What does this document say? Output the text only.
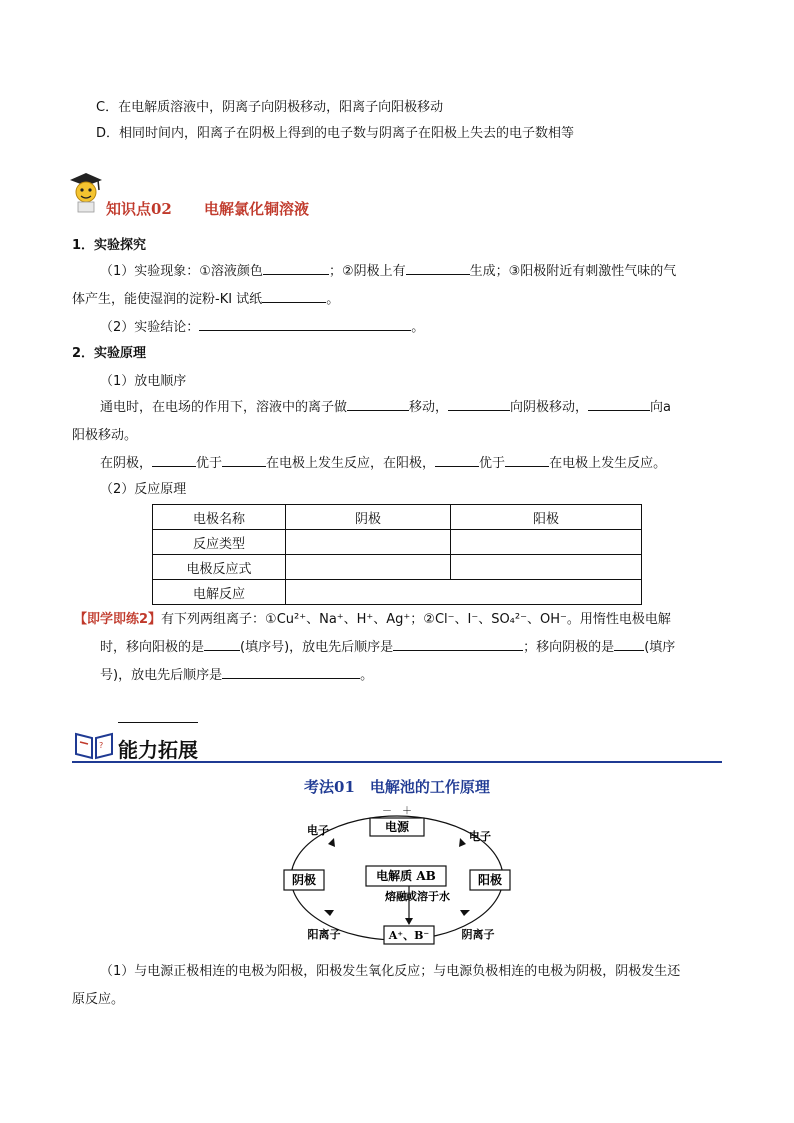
C．在电解质溶液中，阴离子向阴极移动，阳离子向阳极移动
D．相同时间内，阳离子在阴极上得到的电子数与阴离子在阳极上失去的电子数相等
知识点02 电解氯化铜溶液
1．实验探究
（1）实验现象：①溶液颜色	；②阴极上有	生成；③阳极附近有刺激性气味的气
体产生，能使湿润的淀粉-KI 试纸	。
（2）实验结论：	。
2．实验原理
（1）放电顺序
通电时，在电场的作用下，溶液中的离子做	移动，	向阴极移动，	向a
阳极移动。
在阴极，	优于	在电极上发生反应，在阳极，	优于	在电极上发生反应。
（2）反应原理
电极名称	阴极	阳极
反应类型		
电极反应式		
电解反应		
【即学即练2】有下列两组离子：①Cu²⁺、Na⁺、H⁺、Ag⁺；②Cl⁻、I⁻、SO₄²⁻、OH⁻。用惰性电极电解
时，移向阳极的是	(填序号)，放电先后顺序是	；移向阴极的是 (填序
号)，放电先后顺序是	。
? 能力拓展
考法01　电解池的工作原理
电源
－　＋
阴极	阳极
电解质 AB
A⁺、B⁻
熔融 或溶于水
电子	电子
阳离子	阴离子
（1）与电源正极相连的电极为阳极，阳极发生氧化反应；与电源负极相连的电极为阴极，阴极发生还
原反应。
